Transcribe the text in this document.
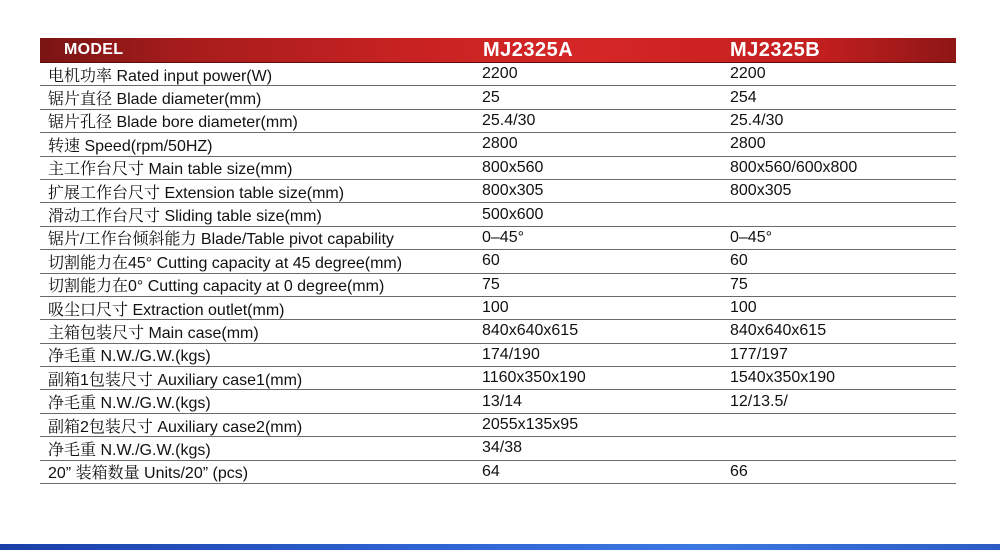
MODEL	MJ2325A	MJ2325B
电机功率 Rated input power(W)	2200	2200
锯片直径 Blade diameter(mm)	25	254
锯片孔径 Blade bore diameter(mm)	25.4/30	25.4/30
转速 Speed(rpm/50HZ)	2800	2800
主工作台尺寸 Main table size(mm)	800x560	800x560/600x800
扩展工作台尺寸 Extension table size(mm)	800x305	800x305
滑动工作台尺寸 Sliding table size(mm)	500x600
锯片/工作台倾斜能力 Blade/Table pivot capability	0–45°	0–45°
切割能力在45° Cutting capacity at 45 degree(mm)	60	60
切割能力在0° Cutting capacity at 0 degree(mm)	75	75
吸尘口尺寸 Extraction outlet(mm)	100	100
主箱包装尺寸 Main case(mm)	840x640x615	840x640x615
净毛重 N.W./G.W.(kgs)	174/190	177/197
副箱1包装尺寸 Auxiliary case1(mm)	1160x350x190	1540x350x190
净毛重 N.W./G.W.(kgs)	13/14	12/13.5/
副箱2包装尺寸 Auxiliary case2(mm)	2055x135x95
净毛重 N.W./G.W.(kgs)	34/38
20” 装箱数量 Units/20” (pcs)	64	66
